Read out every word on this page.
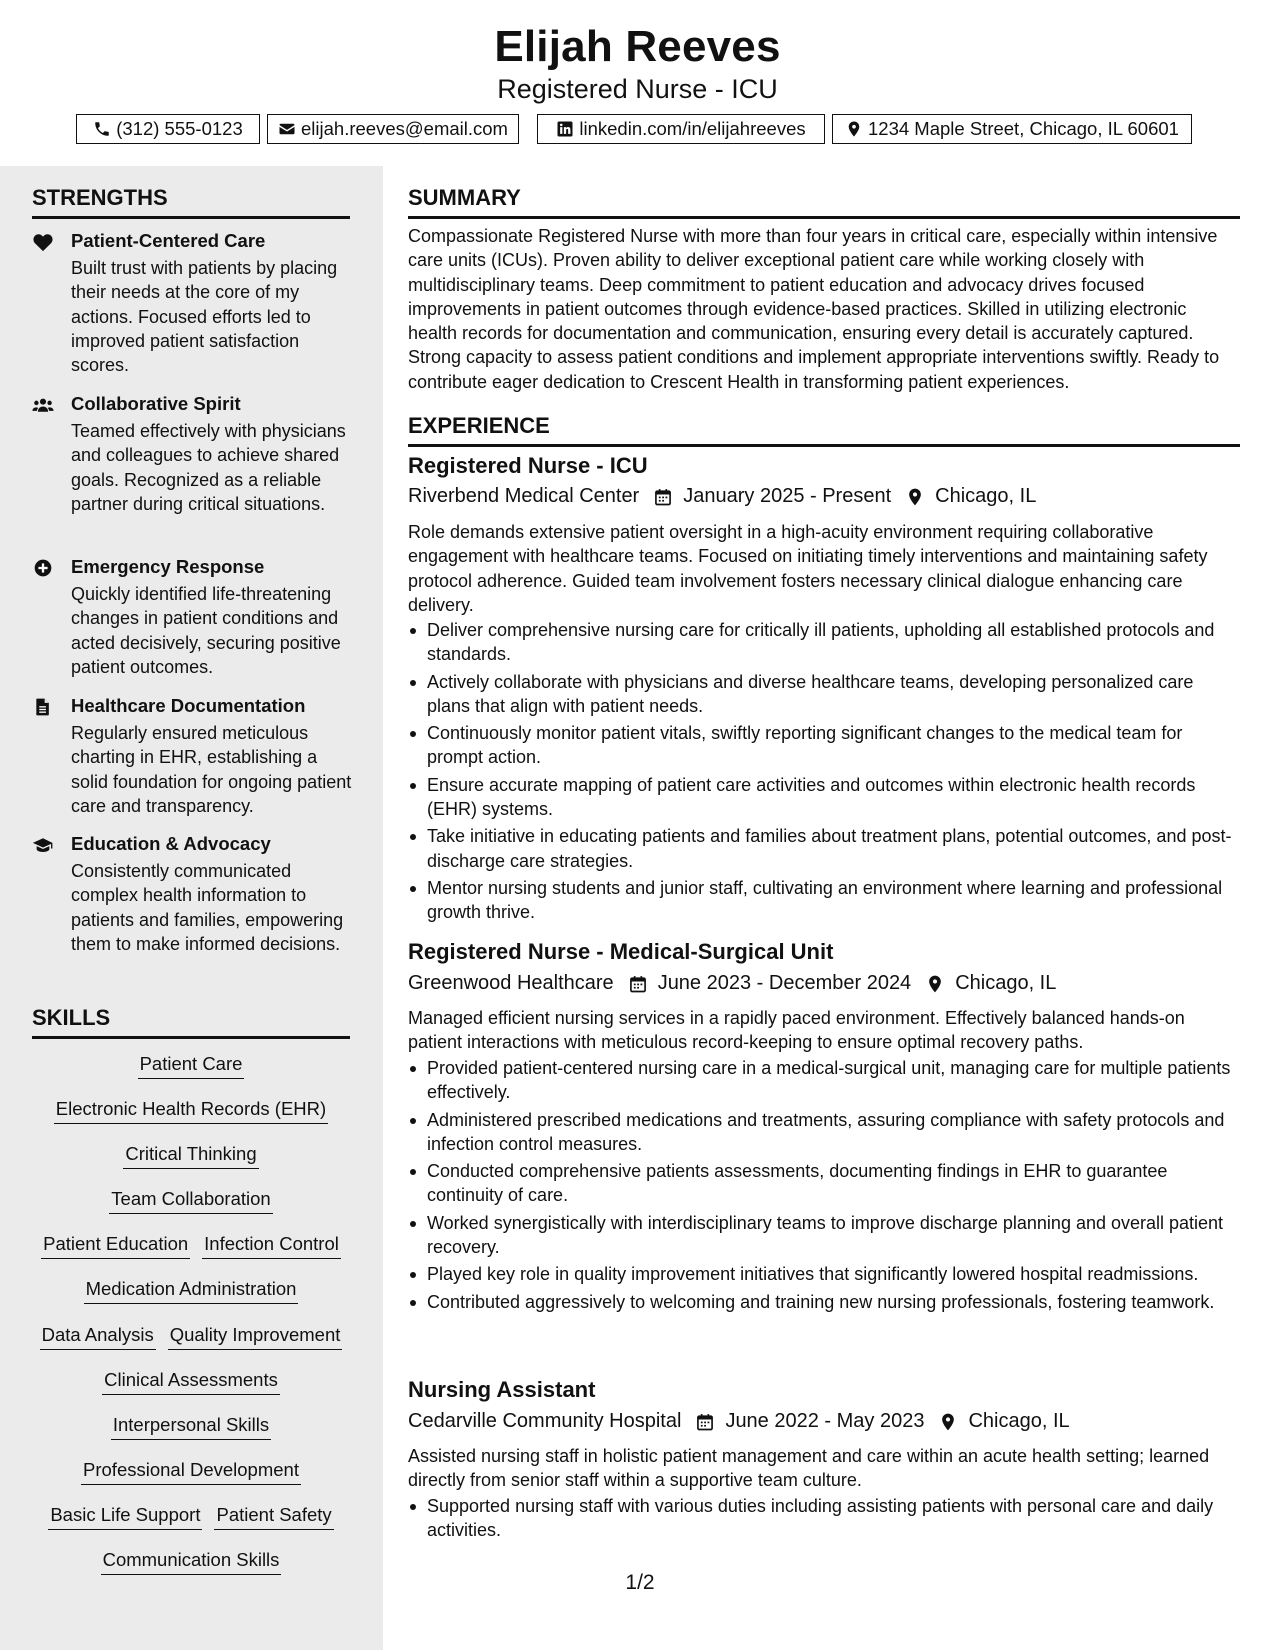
Elijah Reeves
Registered Nurse - ICU
(312) 555-0123	elijah.reeves@email.com	linkedin.com/in/elijahreeves	1234 Maple Street, Chicago, IL 60601
STRENGTHS
Patient-Centered Care
Built trust with patients by placing their needs at the core of my actions. Focused efforts led to improved patient satisfaction scores.
Collaborative Spirit
Teamed effectively with physicians and colleagues to achieve shared goals. Recognized as a reliable partner during critical situations.
Emergency Response
Quickly identified life-threatening changes in patient conditions and acted decisively, securing positive patient outcomes.
Healthcare Documentation
Regularly ensured meticulous charting in EHR, establishing a solid foundation for ongoing patient care and transparency.
Education & Advocacy
Consistently communicated complex health information to patients and families, empowering them to make informed decisions.
SKILLS
Patient Care
Electronic Health Records (EHR)
Critical Thinking
Team Collaboration
Patient Education Infection Control
Medication Administration
Data Analysis Quality Improvement
Clinical Assessments
Interpersonal Skills
Professional Development
Basic Life Support Patient Safety
Communication Skills
SUMMARY
Compassionate Registered Nurse with more than four years in critical care, especially within intensive care units (ICUs). Proven ability to deliver exceptional patient care while working closely with multidisciplinary teams. Deep commitment to patient education and advocacy drives focused improvements in patient outcomes through evidence-based practices. Skilled in utilizing electronic health records for documentation and communication, ensuring every detail is accurately captured. Strong capacity to assess patient conditions and implement appropriate interventions swiftly. Ready to contribute eager dedication to Crescent Health in transforming patient experiences.
EXPERIENCE
Registered Nurse - ICU
Riverbend Medical Center January 2025 - Present Chicago, IL
Role demands extensive patient oversight in a high-acuity environment requiring collaborative engagement with healthcare teams. Focused on initiating timely interventions and maintaining safety protocol adherence. Guided team involvement fosters necessary clinical dialogue enhancing care delivery.
Deliver comprehensive nursing care for critically ill patients, upholding all established protocols and standards.
Actively collaborate with physicians and diverse healthcare teams, developing personalized care plans that align with patient needs.
Continuously monitor patient vitals, swiftly reporting significant changes to the medical team for prompt action.
Ensure accurate mapping of patient care activities and outcomes within electronic health records (EHR) systems.
Take initiative in educating patients and families about treatment plans, potential outcomes, and post-discharge care strategies.
Mentor nursing students and junior staff, cultivating an environment where learning and professional growth thrive.
Registered Nurse - Medical-Surgical Unit
Greenwood Healthcare June 2023 - December 2024 Chicago, IL
Managed efficient nursing services in a rapidly paced environment. Effectively balanced hands-on patient interactions with meticulous record-keeping to ensure optimal recovery paths.
Provided patient-centered nursing care in a medical-surgical unit, managing care for multiple patients effectively.
Administered prescribed medications and treatments, assuring compliance with safety protocols and infection control measures.
Conducted comprehensive patients assessments, documenting findings in EHR to guarantee continuity of care.
Worked synergistically with interdisciplinary teams to improve discharge planning and overall patient recovery.
Played key role in quality improvement initiatives that significantly lowered hospital readmissions.
Contributed aggressively to welcoming and training new nursing professionals, fostering teamwork.
Nursing Assistant
Cedarville Community Hospital June 2022 - May 2023 Chicago, IL
Assisted nursing staff in holistic patient management and care within an acute health setting; learned directly from senior staff within a supportive team culture.
Supported nursing staff with various duties including assisting patients with personal care and daily activities.
1/2
